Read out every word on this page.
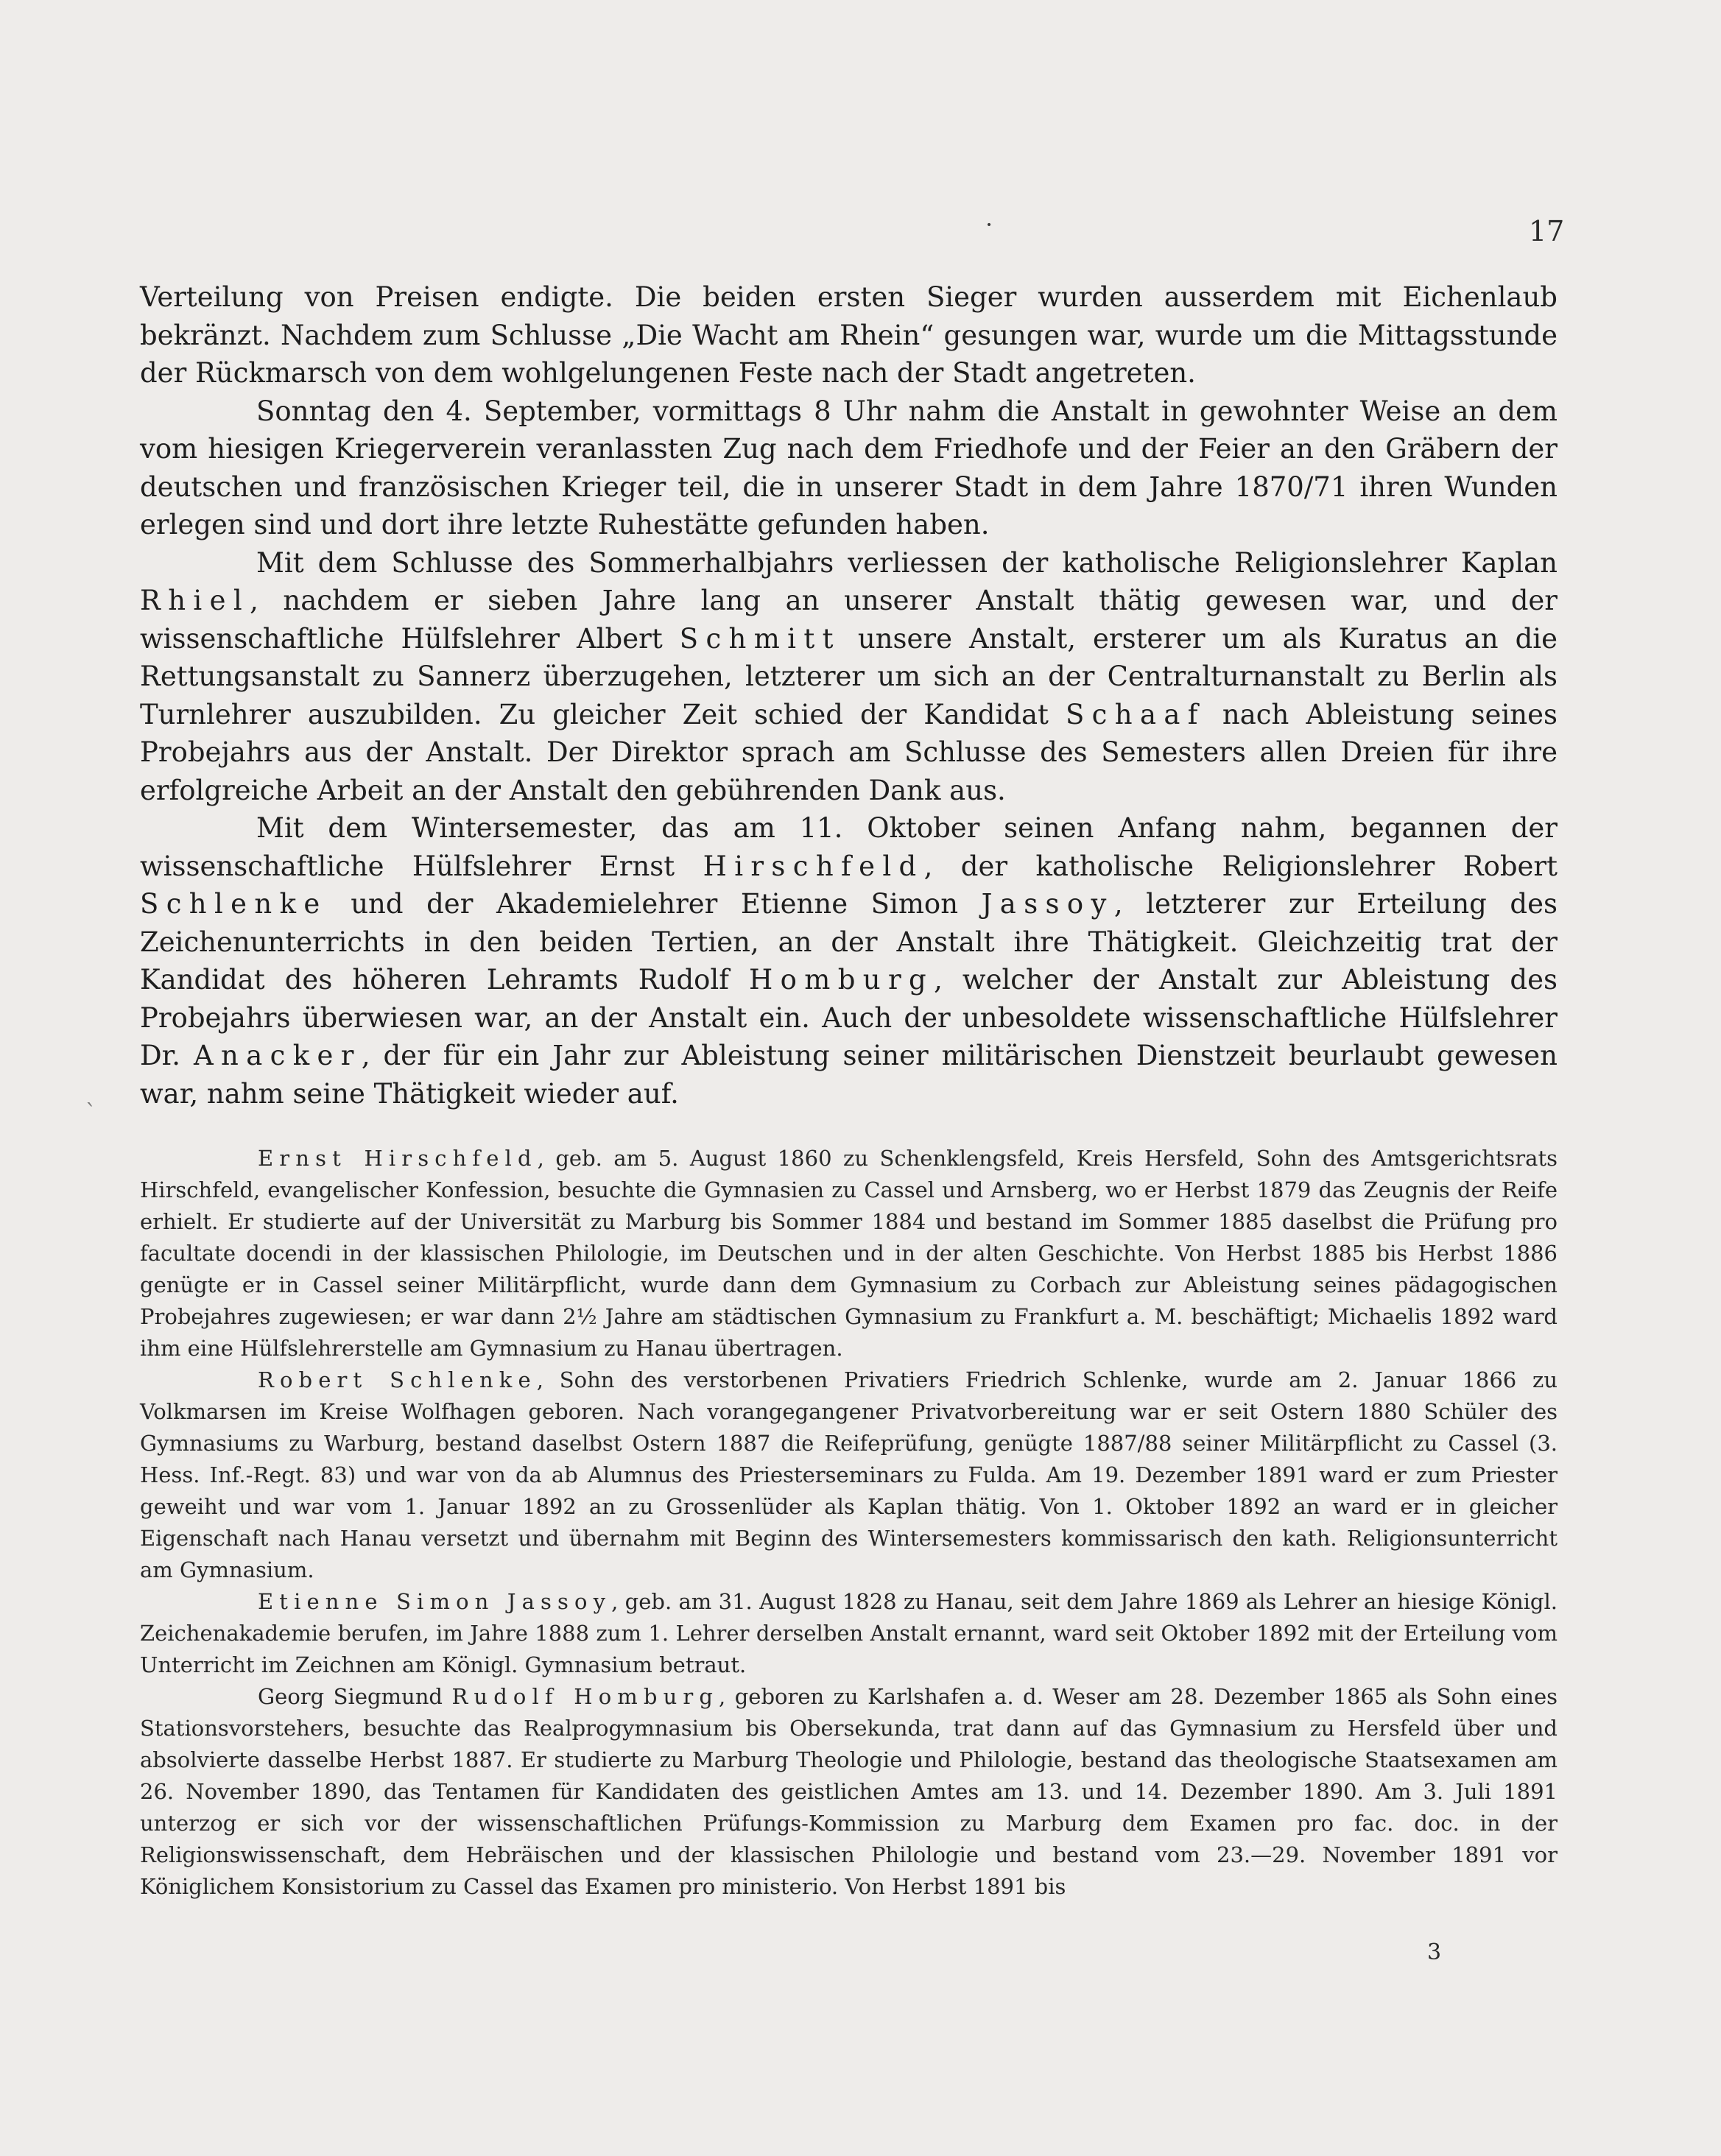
·	17

Verteilung von Preisen endigte. Die beiden ersten Sieger wurden ausserdem mit Eichenlaub bekränzt. Nachdem zum Schlusse „Die Wacht am Rhein“ gesungen war, wurde um die Mittagsstunde der Rückmarsch von dem wohlgelungenen Feste nach der Stadt angetreten.

Sonntag den 4. September, vormittags 8 Uhr nahm die Anstalt in gewohnter Weise an dem vom hiesigen Kriegerverein veranlassten Zug nach dem Friedhofe und der Feier an den Gräbern der deutschen und französischen Krieger teil, die in unserer Stadt in dem Jahre 1870/71 ihren Wunden erlegen sind und dort ihre letzte Ruhestätte gefunden haben.

Mit dem Schlusse des Sommerhalbjahrs verliessen der katholische Religionslehrer Kaplan Rhiel, nachdem er sieben Jahre lang an unserer Anstalt thätig gewesen war, und der wissenschaftliche Hülfslehrer Albert Schmitt unsere Anstalt, ersterer um als Kuratus an die Rettungsanstalt zu Sannerz überzugehen, letzterer um sich an der Centralturnanstalt zu Berlin als Turnlehrer auszubilden. Zu gleicher Zeit schied der Kandidat Schaaf nach Ableistung seines Probejahrs aus der Anstalt. Der Direktor sprach am Schlusse des Semesters allen Dreien für ihre erfolgreiche Arbeit an der Anstalt den gebührenden Dank aus.

Mit dem Wintersemester, das am 11. Oktober seinen Anfang nahm, begannen der wissenschaftliche Hülfslehrer Ernst Hirschfeld, der katholische Religionslehrer Robert Schlenke und der Akademielehrer Etienne Simon Jassoy, letzterer zur Erteilung des Zeichenunterrichts in den beiden Tertien, an der Anstalt ihre Thätigkeit. Gleichzeitig trat der Kandidat des höheren Lehramts Rudolf Homburg, welcher der Anstalt zur Ableistung des Probejahrs überwiesen war, an der Anstalt ein. Auch der unbesoldete wissenschaftliche Hülfslehrer Dr. Anacker, der für ein Jahr zur Ableistung seiner militärischen Dienstzeit beurlaubt gewesen war, nahm seine Thätigkeit wieder auf.

ˋ

Ernst Hirschfeld, geb. am 5. August 1860 zu Schenklengsfeld, Kreis Hersfeld, Sohn des Amtsgerichtsrats Hirschfeld, evangelischer Konfession, besuchte die Gymnasien zu Cassel und Arnsberg, wo er Herbst 1879 das Zeugnis der Reife erhielt. Er studierte auf der Universität zu Marburg bis Sommer 1884 und bestand im Sommer 1885 daselbst die Prüfung pro facultate docendi in der klassischen Philologie, im Deutschen und in der alten Geschichte. Von Herbst 1885 bis Herbst 1886 genügte er in Cassel seiner Militärpflicht, wurde dann dem Gymnasium zu Corbach zur Ableistung seines pädagogischen Probejahres zugewiesen; er war dann 2½ Jahre am städtischen Gymnasium zu Frankfurt a. M. beschäftigt; Michaelis 1892 ward ihm eine Hülfslehrerstelle am Gymnasium zu Hanau übertragen.

Robert Schlenke, Sohn des verstorbenen Privatiers Friedrich Schlenke, wurde am 2. Januar 1866 zu Volkmarsen im Kreise Wolfhagen geboren. Nach vorangegangener Privatvorbereitung war er seit Ostern 1880 Schüler des Gymnasiums zu Warburg, bestand daselbst Ostern 1887 die Reifeprüfung, genügte 1887/88 seiner Militärpflicht zu Cassel (3. Hess. Inf.-Regt. 83) und war von da ab Alumnus des Priesterseminars zu Fulda. Am 19. Dezember 1891 ward er zum Priester geweiht und war vom 1. Januar 1892 an zu Grossenlüder als Kaplan thätig. Von 1. Oktober 1892 an ward er in gleicher Eigenschaft nach Hanau versetzt und übernahm mit Beginn des Wintersemesters kommissarisch den kath. Religionsunterricht am Gymnasium.

Etienne Simon Jassoy, geb. am 31. August 1828 zu Hanau, seit dem Jahre 1869 als Lehrer an hiesige Königl. Zeichenakademie berufen, im Jahre 1888 zum 1. Lehrer derselben Anstalt ernannt, ward seit Oktober 1892 mit der Erteilung vom Unterricht im Zeichnen am Königl. Gymnasium betraut.

Georg Siegmund Rudolf Homburg, geboren zu Karlshafen a. d. Weser am 28. Dezember 1865 als Sohn eines Stationsvorstehers, besuchte das Realprogymnasium bis Obersekunda, trat dann auf das Gymnasium zu Hersfeld über und absolvierte dasselbe Herbst 1887. Er studierte zu Marburg Theologie und Philologie, bestand das theologische Staatsexamen am 26. November 1890, das Tentamen für Kandidaten des geistlichen Amtes am 13. und 14. Dezember 1890. Am 3. Juli 1891 unterzog er sich vor der wissenschaftlichen Prüfungs-Kommission zu Marburg dem Examen pro fac. doc. in der Religionswissenschaft, dem Hebräischen und der klassischen Philologie und bestand vom 23.—29. November 1891 vor Königlichem Konsistorium zu Cassel das Examen pro ministerio. Von Herbst 1891 bis

3
